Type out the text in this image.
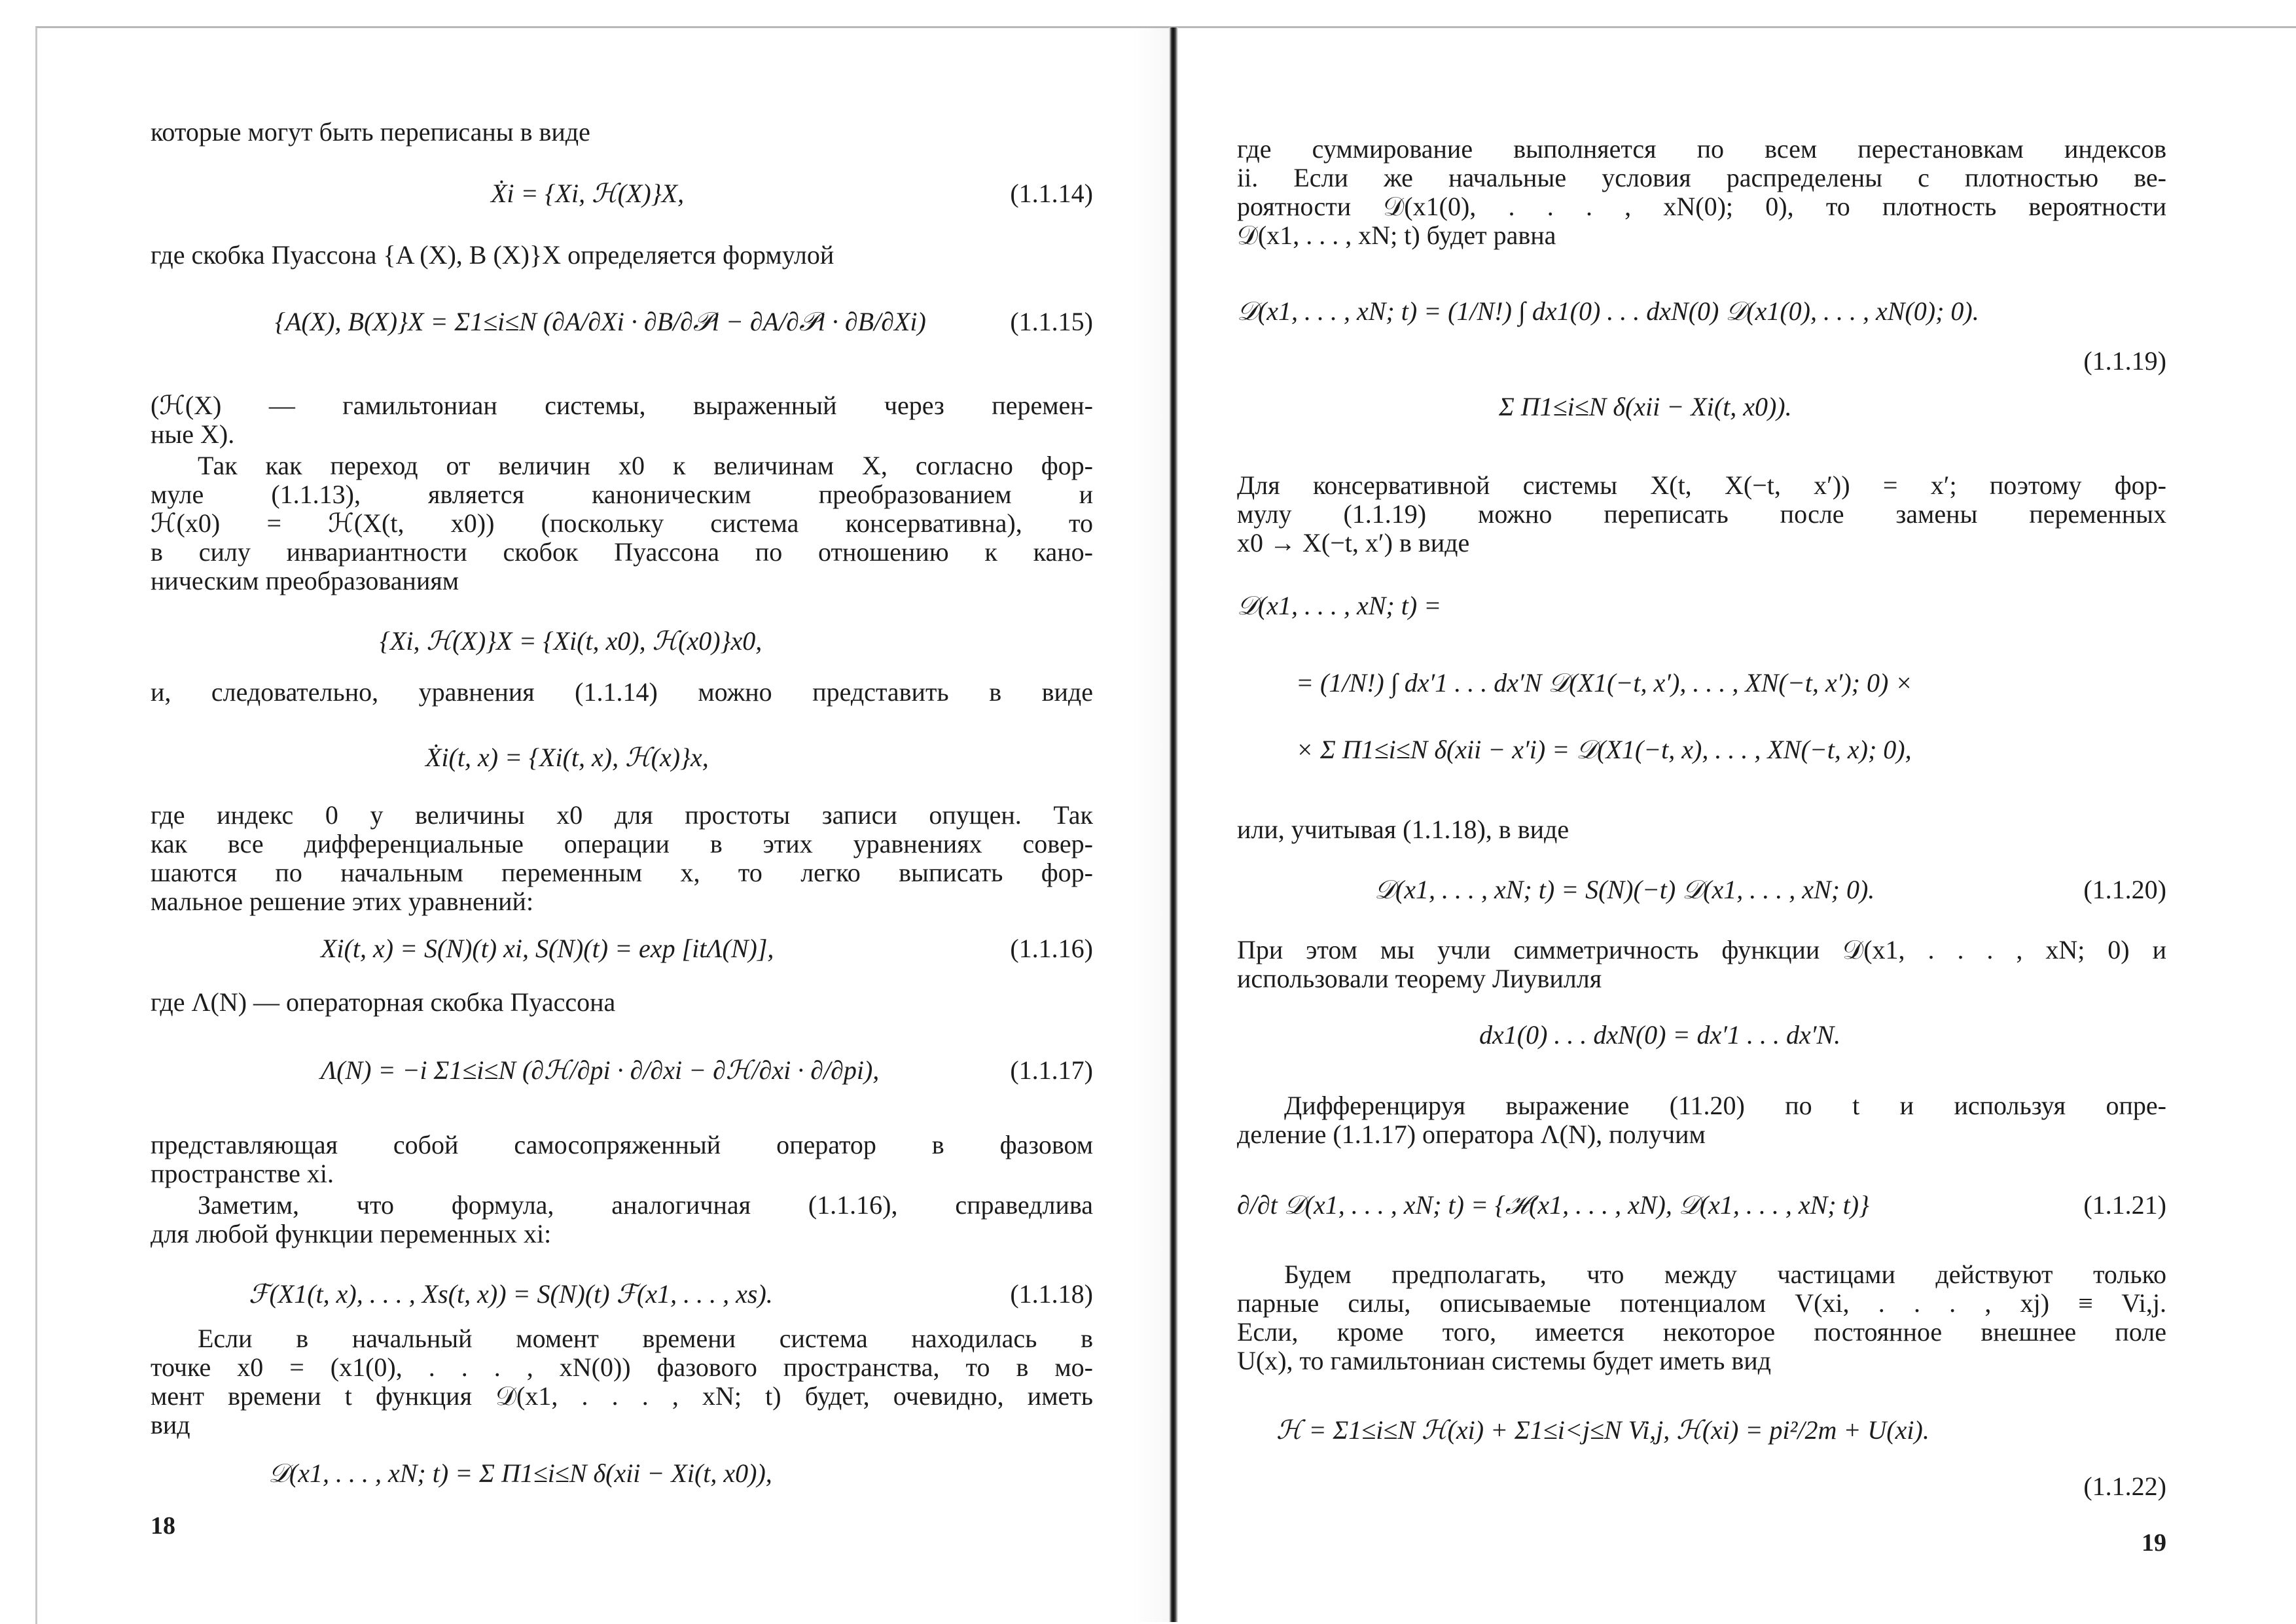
которые могут быть переписаны в виде
Ẋi = {Xi, ℋ(X)}X,	(1.1.14)
где скобка Пуассона {A (X), B (X)}X определяется формулой
{A(X), B(X)}X = Σ1≤i≤N (∂A/∂Xi · ∂B/∂𝒫i − ∂A/∂𝒫i · ∂B/∂Xi)	(1.1.15)
(ℋ(X) — гамильтониан системы, выраженный через перемен-
ные X).
Так как переход от величин x0 к величинам X, согласно фор-
муле (1.1.13), является каноническим преобразованием и
ℋ(x0) = ℋ(X(t, x0)) (поскольку система консервативна), то
в силу инвариантности скобок Пуассона по отношению к кано-
ническим преобразованиям
{Xi, ℋ(X)}X = {Xi(t, x0), ℋ(x0)}x0,
и, следовательно, уравнения (1.1.14) можно представить в виде
Ẋi(t, x) = {Xi(t, x), ℋ(x)}x,
где индекс 0 у величины x0 для простоты записи опущен. Так
как все дифференциальные операции в этих уравнениях совер-
шаются по начальным переменным x, то легко выписать фор-
мальное решение этих уравнений:
Xi(t, x) = S(N)(t) xi, S(N)(t) = exp [itΛ(N)],	(1.1.16)
где Λ(N) — операторная скобка Пуассона
Λ(N) = −i Σ1≤i≤N (∂ℋ/∂pi · ∂/∂xi − ∂ℋ/∂xi · ∂/∂pi),	(1.1.17)
представляющая собой самосопряженный оператор в фазовом
пространстве xi.
Заметим, что формула, аналогичная (1.1.16), справедлива
для любой функции переменных xi:
ℱ(X1(t, x), . . . , Xs(t, x)) = S(N)(t) ℱ(x1, . . . , xs).	(1.1.18)
Если в начальный момент времени система находилась в
точке x0 = (x1(0), . . . , xN(0)) фазового пространства, то в мо-
мент времени t функция 𝒟(x1, . . . , xN; t) будет, очевидно, иметь
вид
𝒟(x1, . . . , xN; t) = Σ Π1≤i≤N δ(xii − Xi(t, x0)),
18
где суммирование выполняется по всем перестановкам индексов
ii. Если же начальные условия распределены с плотностью ве-
роятности 𝒟(x1(0), . . . , xN(0); 0), то плотность вероятности
𝒟(x1, . . . , xN; t) будет равна
𝒟(x1, . . . , xN; t) = (1/N!) ∫ dx1(0) . . . dxN(0) 𝒟(x1(0), . . . , xN(0); 0).
(1.1.19)
Σ Π1≤i≤N δ(xii − Xi(t, x0)).
Для консервативной системы X(t, X(−t, x′)) = x′; поэтому фор-
мулу (1.1.19) можно переписать после замены переменных
x0 → X(−t, x′) в виде
𝒟(x1, . . . , xN; t) =
= (1/N!) ∫ dx′1 . . . dx′N 𝒟(X1(−t, x′), . . . , XN(−t, x′); 0) ×
× Σ Π1≤i≤N δ(xii − x′i) = 𝒟(X1(−t, x), . . . , XN(−t, x); 0),
или, учитывая (1.1.18), в виде
𝒟(x1, . . . , xN; t) = S(N)(−t) 𝒟(x1, . . . , xN; 0).	(1.1.20)
При этом мы учли симметричность функции 𝒟(x1, . . . , xN; 0) и
использовали теорему Лиувилля
dx1(0) . . . dxN(0) = dx′1 . . . dx′N.
Дифференцируя выражение (11.20) по t и используя опре-
деление (1.1.17) оператора Λ(N), получим
∂/∂t 𝒟(x1, . . . , xN; t) = {ℋ(x1, . . . , xN), 𝒟(x1, . . . , xN; t)}	(1.1.21)
Будем предполагать, что между частицами действуют только
парные силы, описываемые потенциалом V(xi, . . . , xj) ≡ Vi,j.
Если, кроме того, имеется некоторое постоянное внешнее поле
U(x), то гамильтониан системы будет иметь вид
ℋ = Σ1≤i≤N ℋ(xi) + Σ1≤i<j≤N Vi,j, ℋ(xi) = pi²/2m + U(xi).
(1.1.22)
19
